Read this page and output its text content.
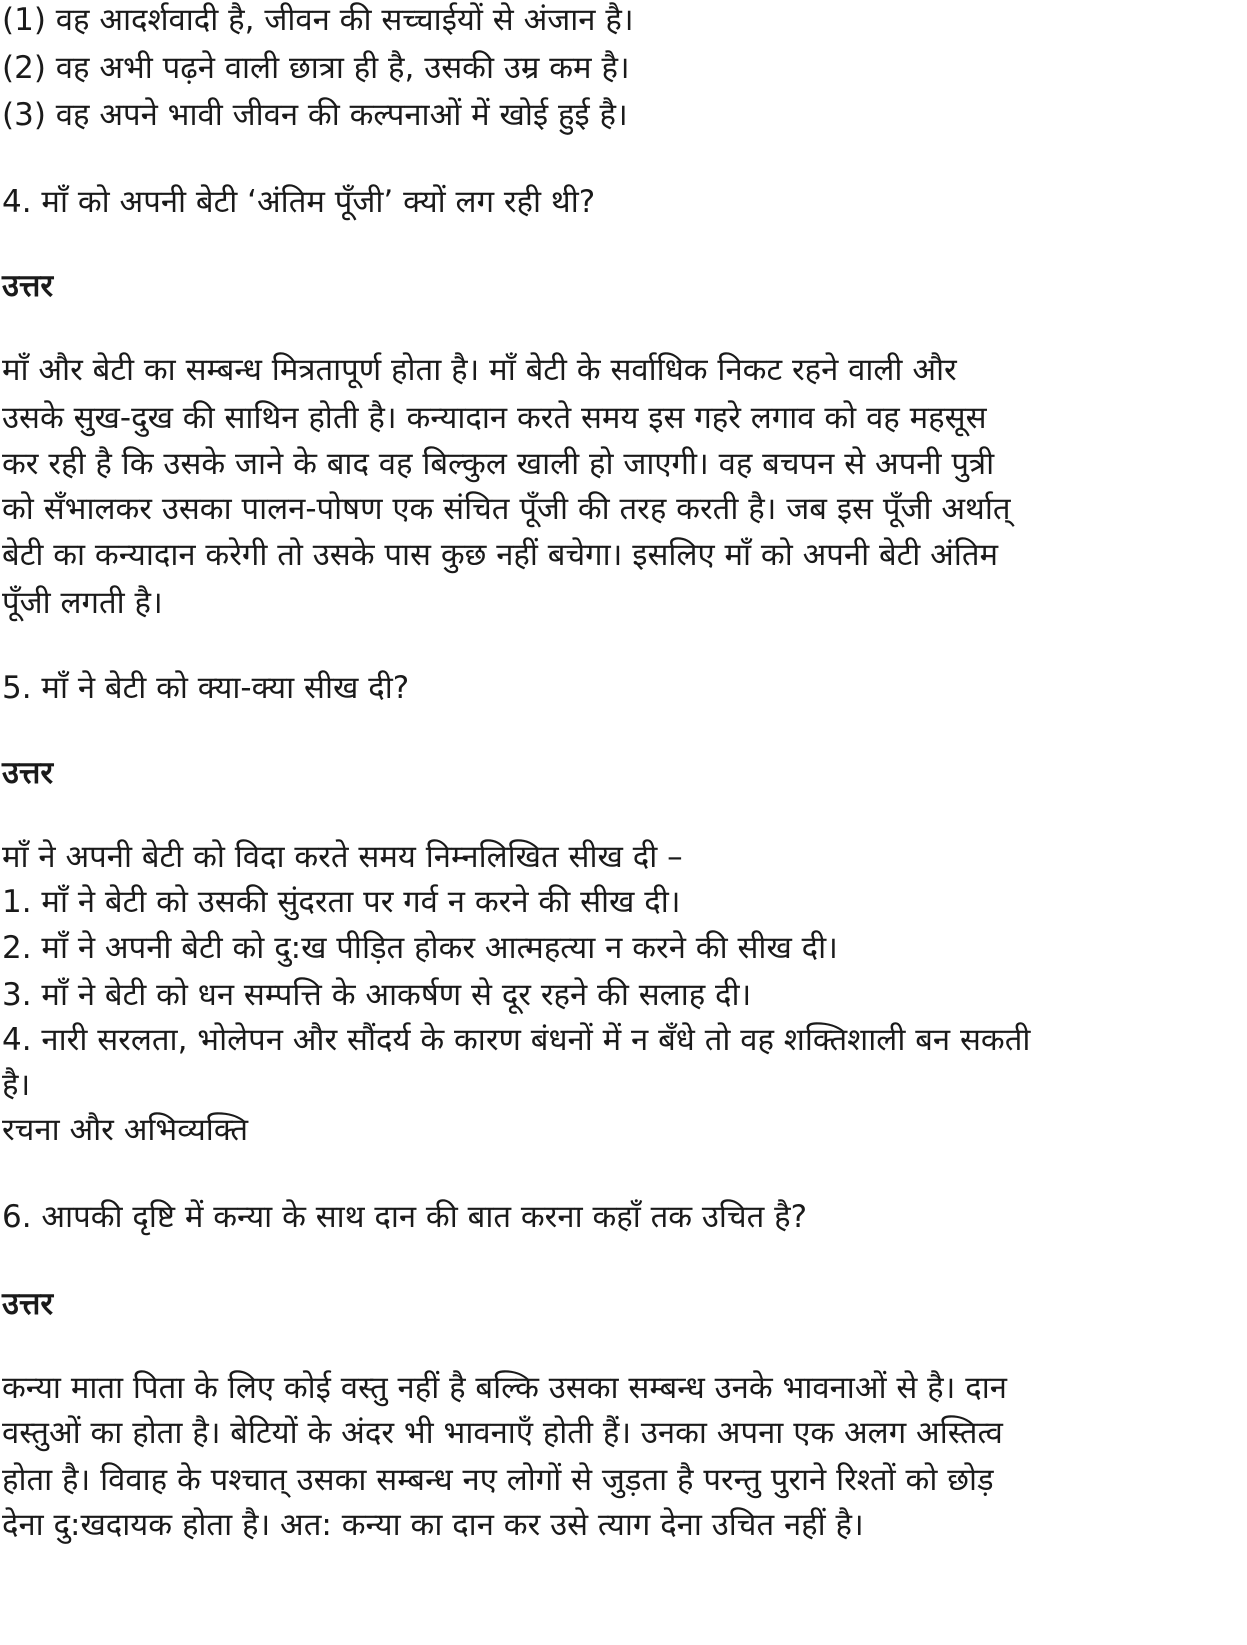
(1) वह आदर्शवादी है, जीवन की सच्चाईयों से अंजान है।
(2) वह अभी पढ़ने वाली छात्रा ही है, उसकी उम्र कम है।
(3) वह अपने भावी जीवन की कल्पनाओं में खोई हुई है।
4. माँ को अपनी बेटी ‘अंतिम पूँजी’ क्यों लग रही थी?
उत्तर
माँ और बेटी का सम्बन्ध मित्रतापूर्ण होता है। माँ बेटी के सर्वाधिक निकट रहने वाली और
उसके सुख-दुख की साथिन होती है। कन्यादान करते समय इस गहरे लगाव को वह महसूस
कर रही है कि उसके जाने के बाद वह बिल्कुल खाली हो जाएगी। वह बचपन से अपनी पुत्री
को सँभालकर उसका पालन-पोषण एक संचित पूँजी की तरह करती है। जब इस पूँजी अर्थात्
बेटी का कन्यादान करेगी तो उसके पास कुछ नहीं बचेगा। इसलिए माँ को अपनी बेटी अंतिम
पूँजी लगती है।
5. माँ ने बेटी को क्या-क्या सीख दी?
उत्तर
माँ ने अपनी बेटी को विदा करते समय निम्नलिखित सीख दी –
1. माँ ने बेटी को उसकी सुंदरता पर गर्व न करने की सीख दी।
2. माँ ने अपनी बेटी को दु:ख पीड़ित होकर आत्महत्या न करने की सीख दी।
3. माँ ने बेटी को धन सम्पत्ति के आकर्षण से दूर रहने की सलाह दी।
4. नारी सरलता, भोलेपन और सौंदर्य के कारण बंधनों में न बँधे तो वह शक्तिशाली बन सकती
है।
रचना और अभिव्यक्ति
6. आपकी दृष्टि में कन्या के साथ दान की बात करना कहाँ तक उचित है?
उत्तर
कन्या माता पिता के लिए कोई वस्तु नहीं है बल्कि उसका सम्बन्ध उनके भावनाओं से है। दान
वस्तुओं का होता है। बेटियों के अंदर भी भावनाएँ होती हैं। उनका अपना एक अलग अस्तित्व
होता है। विवाह के पश्चात् उसका सम्बन्ध नए लोगों से जुड़ता है परन्तु पुराने रिश्तों को छोड़
देना दु:खदायक होता है। अत: कन्या का दान कर उसे त्याग देना उचित नहीं है।
